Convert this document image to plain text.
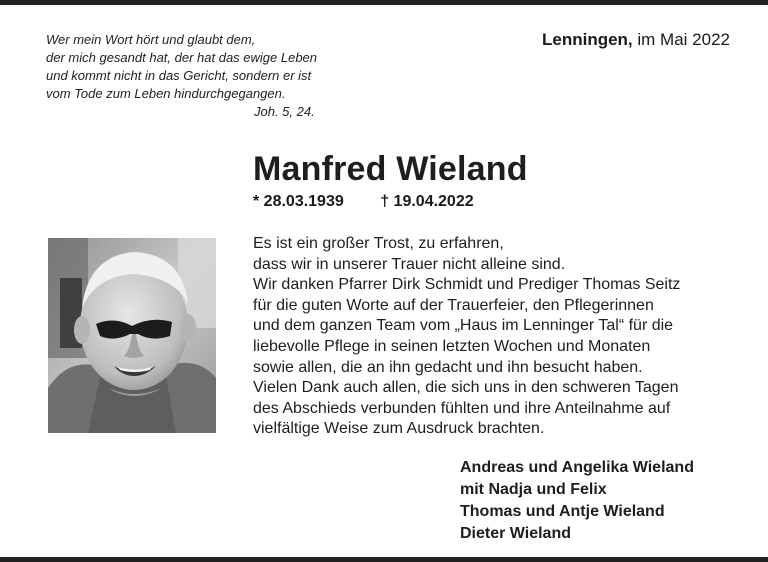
Wer mein Wort hört und glaubt dem,
der mich gesandt hat, der hat das ewige Leben
und kommt nicht in das Gericht, sondern er ist
vom Tode zum Leben hindurchgegangen.
Joh. 5, 24.
Lenningen, im Mai 2022
Manfred Wieland
* 28.03.1939 † 19.04.2022
Es ist ein großer Trost, zu erfahren,
dass wir in unserer Trauer nicht alleine sind.
Wir danken Pfarrer Dirk Schmidt und Prediger Thomas Seitz
für die guten Worte auf der Trauerfeier, den Pflegerinnen
und dem ganzen Team vom „Haus im Lenninger Tal“ für die
liebevolle Pflege in seinen letzten Wochen und Monaten
sowie allen, die an ihn gedacht und ihn besucht haben.
Vielen Dank auch allen, die sich uns in den schweren Tagen
des Abschieds verbunden fühlten und ihre Anteilnahme auf
vielfältige Weise zum Ausdruck brachten.
Andreas und Angelika Wieland
mit Nadja und Felix
Thomas und Antje Wieland
Dieter Wieland
